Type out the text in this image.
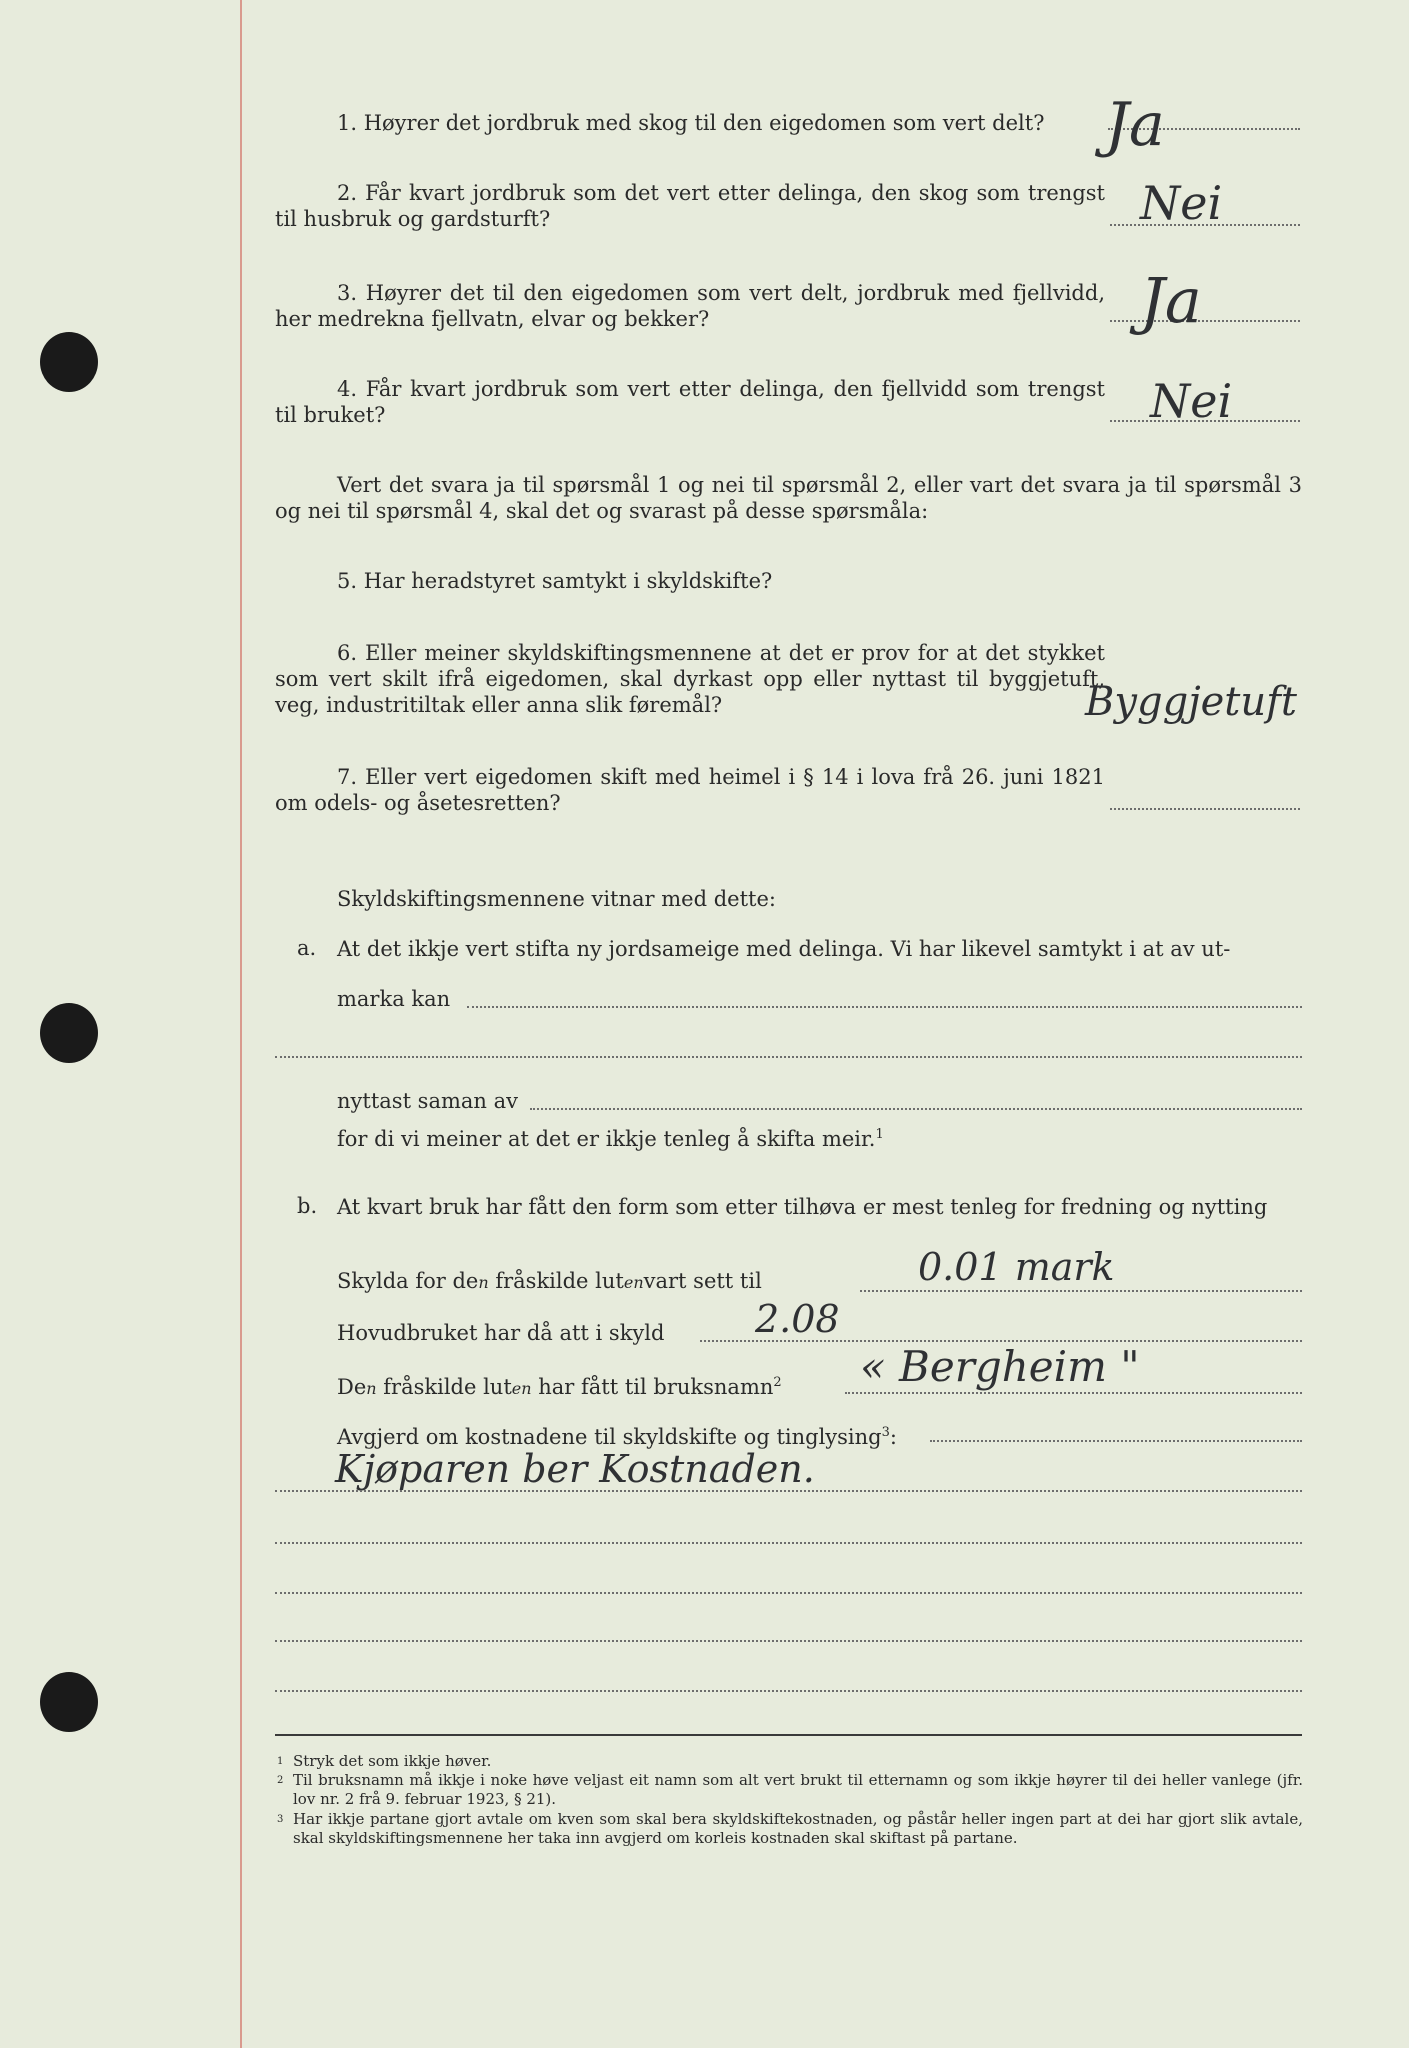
1. Høyrer det jordbruk med skog til den eigedomen som vert delt?	Ja
2. Får kvart jordbruk som det vert etter delinga, den skog som trengst til husbruk og gardsturft?	Nei
3. Høyrer det til den eigedomen som vert delt, jordbruk med fjellvidd, her medrekna fjellvatn, elvar og bekker?	Ja
4. Får kvart jordbruk som vert etter delinga, den fjellvidd som trengst til bruket?	Nei
Vert det svara ja til spørsmål 1 og nei til spørsmål 2, eller vart det svara ja til spørsmål 3 og nei til spørsmål 4, skal det og svarast på desse spørsmåla:
5. Har heradstyret samtykt i skyldskifte?
6. Eller meiner skyldskiftingsmennene at det er prov for at det stykket som vert skilt ifrå eigedomen, skal dyrkast opp eller nyttast til byggjetuft, veg, industritiltak eller anna slik føremål?	Byggjetuft
7. Eller vert eigedomen skift med heimel i § 14 i lova frå 26. juni 1821 om odels- og åsetesretten?
Skyldskiftingsmennene vitnar med dette:
a. At det ikkje vert stifta ny jordsameige med delinga. Vi har likevel samtykt i at av ut-
marka kan
nyttast saman av
for di vi meiner at det er ikkje tenleg å skifta meir.$^1$
b. At kvart bruk har fått den form som etter tilhøva er mest tenleg for fredning og nytting
Skylda for den fråskilde lutenvart sett til	0.01 mark
Hovudbruket har då att i skyld 2.08
Den fråskilde luten har fått til bruksnamn$^2$ « Bergheim "
Avgjerd om kostnadene til skyldskifte og tinglysing$^3$:
Kjøparen ber Kostnaden.
1 Stryk det som ikkje høver.
2 Til bruksnamn må ikkje i noke høve veljast eit namn som alt vert brukt til etternamn og som ikkje høyrer til dei heller vanlege (jfr. lov nr. 2 frå 9. februar 1923, § 21).
3 Har ikkje partane gjort avtale om kven som skal bera skyldskiftekostnaden, og påstår heller ingen part at dei har gjort slik avtale, skal skyldskiftingsmennene her taka inn avgjerd om korleis kostnaden skal skiftast på partane.
